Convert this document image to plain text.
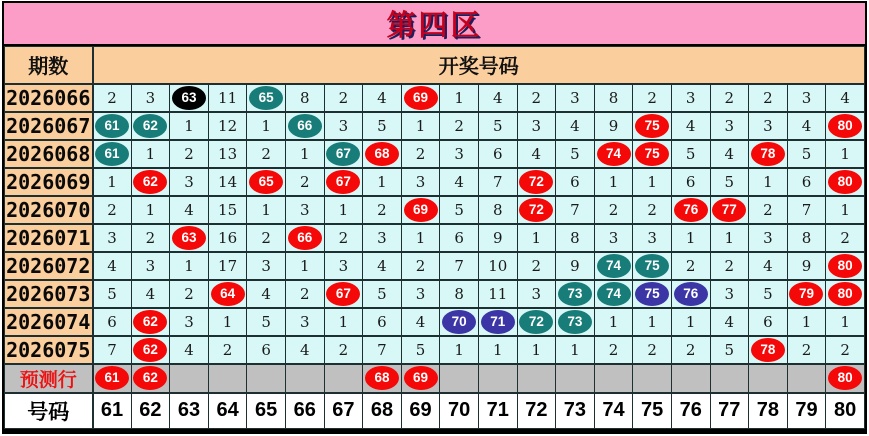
第四区
期数	开奖号码																			
2026066	2	3	63	11	65	8	2	4	69	1	4	2	3	8	2	3	2	2	3	4
2026067	61	62	1	12	1	66	3	5	1	2	5	3	4	9	75	4	3	3	4	80
2026068	61	1	2	13	2	1	67	68	2	3	6	4	5	74	75	5	4	78	5	1
2026069	1	62	3	14	65	2	67	1	3	4	7	72	6	1	1	6	5	1	6	80
2026070	2	1	4	15	1	3	1	2	69	5	8	72	7	2	2	76	77	2	7	1
2026071	3	2	63	16	2	66	2	3	1	6	9	1	8	3	3	1	1	3	8	2
2026072	4	3	1	17	3	1	3	4	2	7	10	2	9	74	75	2	2	4	9	80
2026073	5	4	2	64	4	2	67	5	3	8	11	3	73	74	75	76	3	5	79	80
2026074	6	62	3	1	5	3	1	6	4	70	71	72	73	1	1	1	4	6	1	1
2026075	7	62	4	2	6	4	2	7	5	1	1	1	1	2	2	2	5	78	2	2
预测行	61	62						68	69											80
号码	61	62	63	64	65	66	67	68	69	70	71	72	73	74	75	76	77	78	79	80
